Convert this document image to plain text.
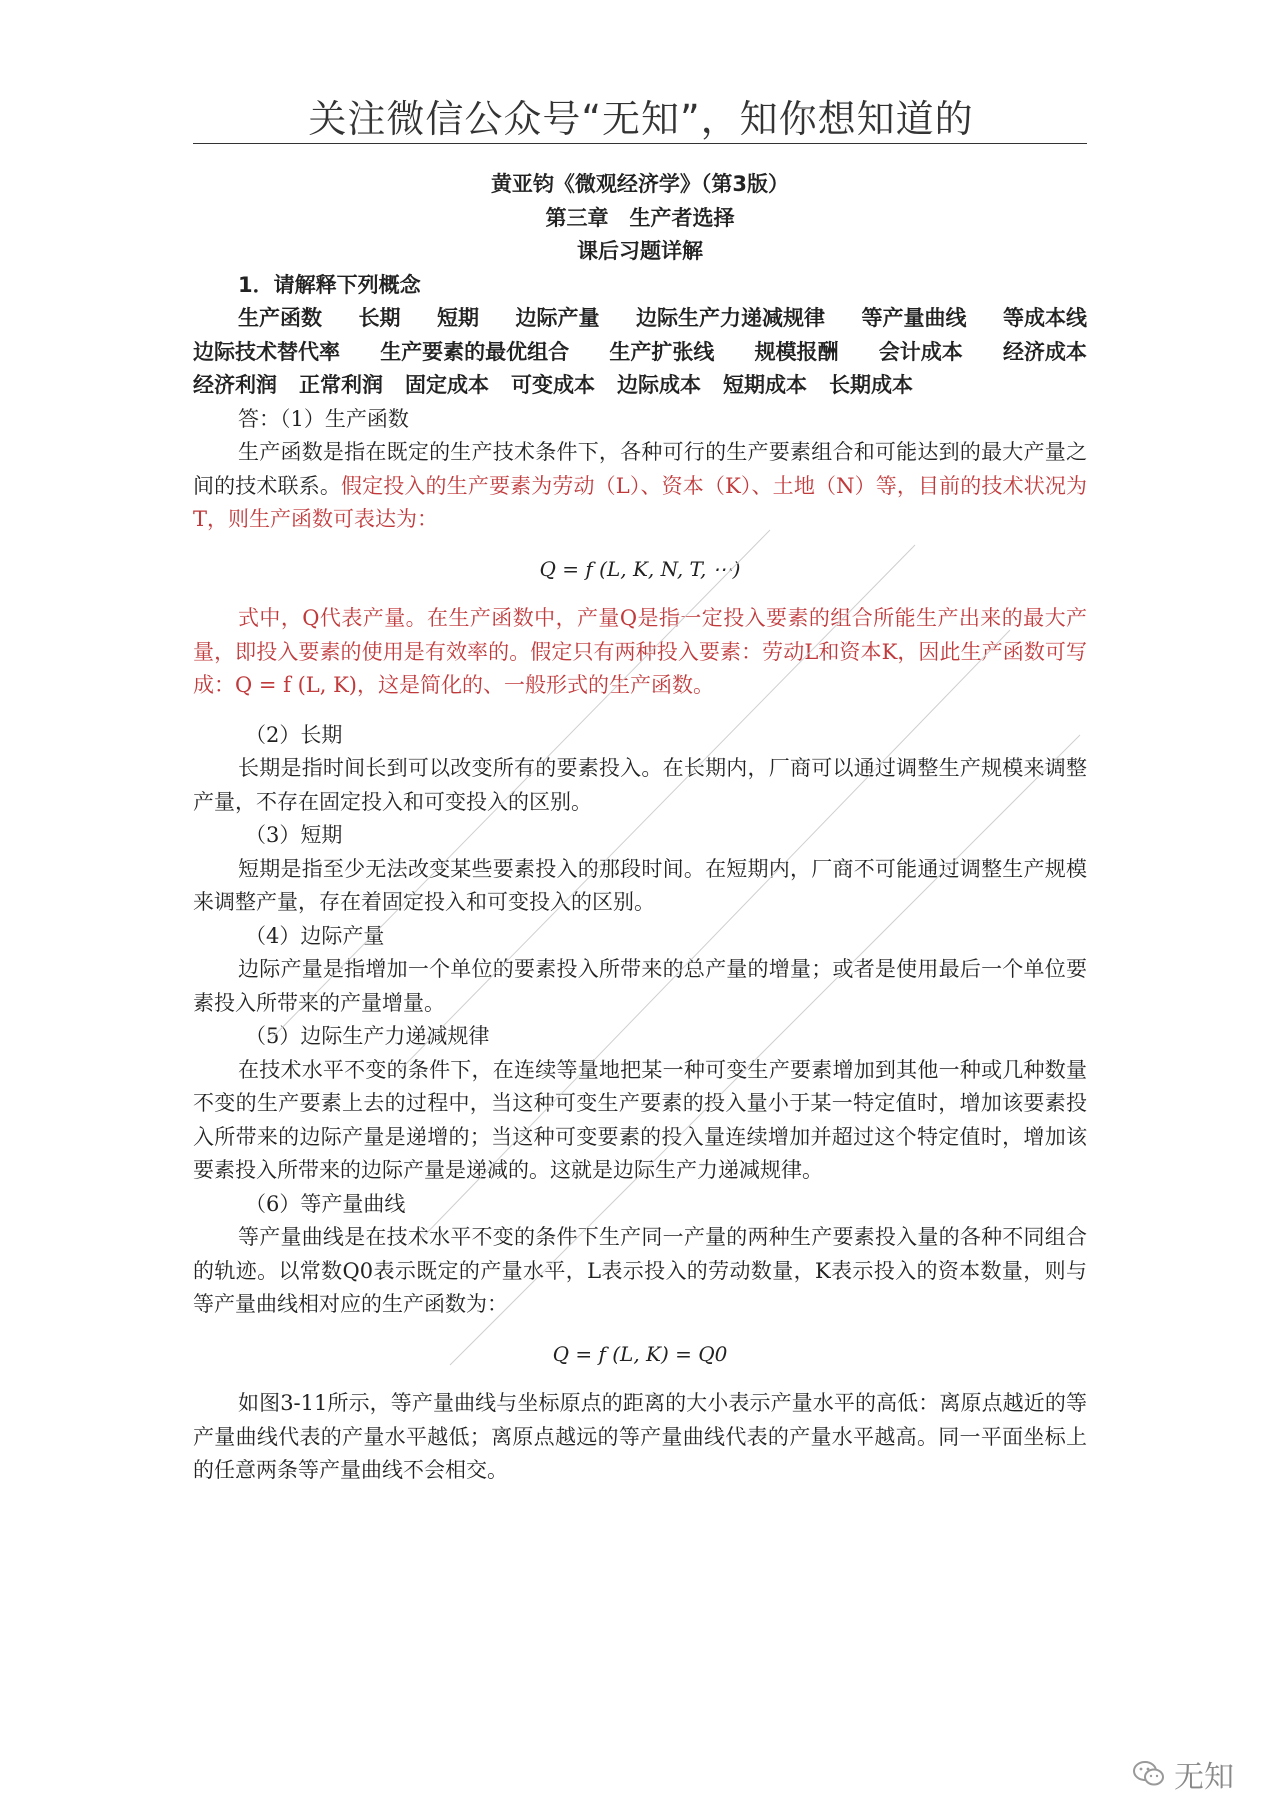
关注微信公众号“无知”，知你想知道的
黄亚钧《微观经济学》（第3版）
第三章　生产者选择
课后习题详解
1．请解释下列概念
生产函数 长期 短期 边际产量 边际生产力递减规律 等产量曲线 等成本线
边际技术替代率 生产要素的最优组合 生产扩张线 规模报酬 会计成本 经济成本
经济利润 正常利润 固定成本 可变成本 边际成本 短期成本 长期成本
答：（1）生产函数
生产函数是指在既定的生产技术条件下，各种可行的生产要素组合和可能达到的最大产量之间的技术联系。假定投入的生产要素为劳动（L）、资本（K）、土地（N）等，目前的技术状况为T，则生产函数可表达为：
Q = f (L, K, N, T, ⋯)
式中，Q代表产量。在生产函数中，产量Q是指一定投入要素的组合所能生产出来的最大产量，即投入要素的使用是有效率的。假定只有两种投入要素：劳动L和资本K，因此生产函数可写成：Q = f (L, K)，这是简化的、一般形式的生产函数。
（2）长期
长期是指时间长到可以改变所有的要素投入。在长期内，厂商可以通过调整生产规模来调整产量，不存在固定投入和可变投入的区别。
（3）短期
短期是指至少无法改变某些要素投入的那段时间。在短期内，厂商不可能通过调整生产规模来调整产量，存在着固定投入和可变投入的区别。
（4）边际产量
边际产量是指增加一个单位的要素投入所带来的总产量的增量；或者是使用最后一个单位要素投入所带来的产量增量。
（5）边际生产力递减规律
在技术水平不变的条件下，在连续等量地把某一种可变生产要素增加到其他一种或几种数量不变的生产要素上去的过程中，当这种可变生产要素的投入量小于某一特定值时，增加该要素投入所带来的边际产量是递增的；当这种可变要素的投入量连续增加并超过这个特定值时，增加该要素投入所带来的边际产量是递减的。这就是边际生产力递减规律。
（6）等产量曲线
等产量曲线是在技术水平不变的条件下生产同一产量的两种生产要素投入量的各种不同组合的轨迹。以常数Q0表示既定的产量水平，L表示投入的劳动数量，K表示投入的资本数量，则与等产量曲线相对应的生产函数为：
Q = f (L, K) = Q0
如图3-11所示，等产量曲线与坐标原点的距离的大小表示产量水平的高低：离原点越近的等产量曲线代表的产量水平越低；离原点越远的等产量曲线代表的产量水平越高。同一平面坐标上的任意两条等产量曲线不会相交。
无知
